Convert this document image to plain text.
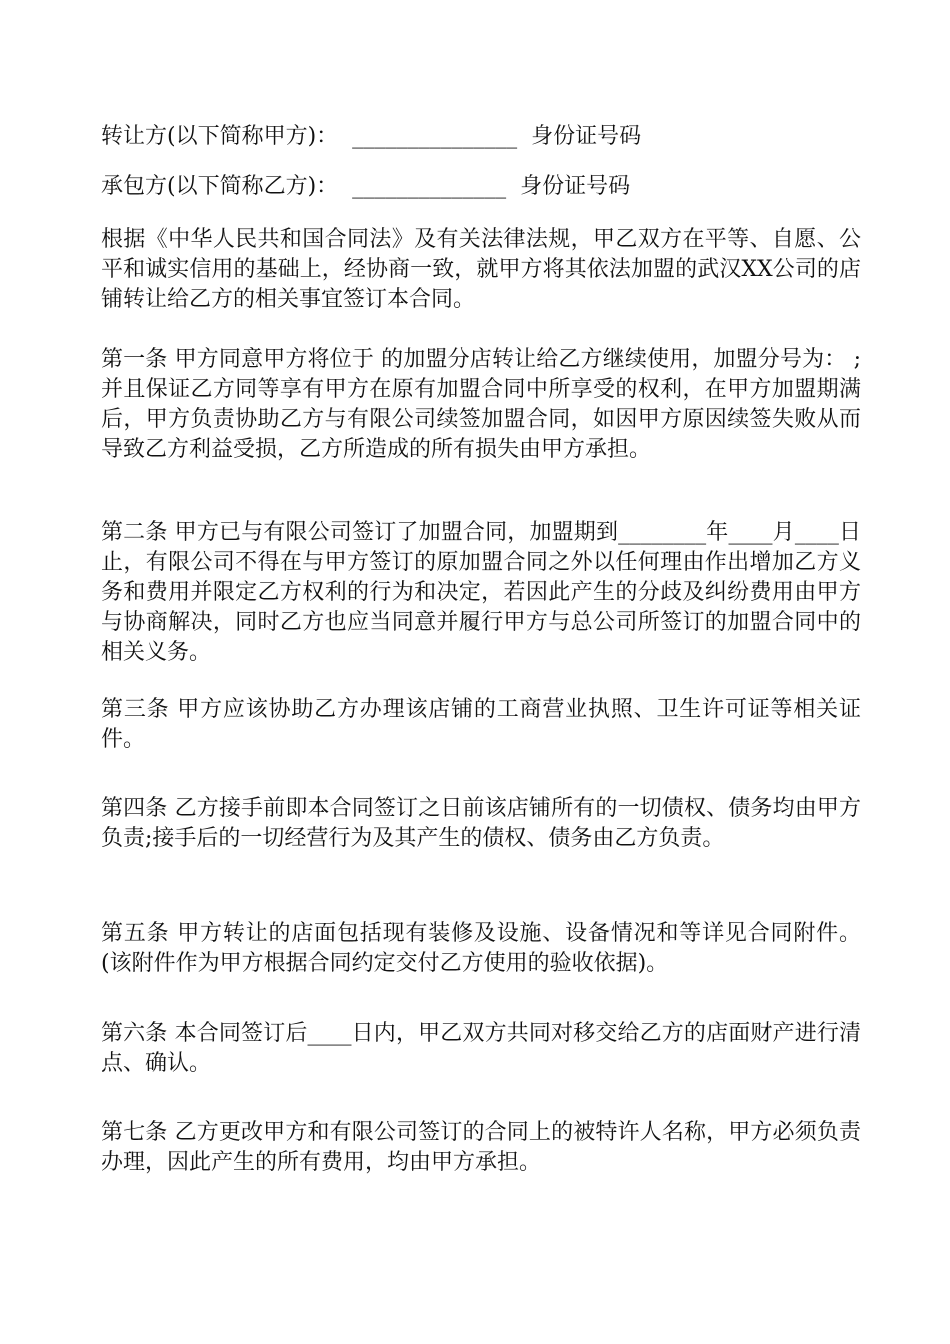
转让方(以下简称甲方)：  _______________  身份证号码
承包方(以下简称乙方)：  ______________  身份证号码
根据《中华人民共和国合同法》及有关法律法规，甲乙双方在平等、自愿、公平和诚实信用的基础上，经协商一致，就甲方将其依法加盟的武汉XX公司的店铺转让给乙方的相关事宜签订本合同。
第一条 甲方同意甲方将位于 的加盟分店转让给乙方继续使用，加盟分号为： ;并且保证乙方同等享有甲方在原有加盟合同中所享受的权利，在甲方加盟期满后，甲方负责协助乙方与有限公司续签加盟合同，如因甲方原因续签失败从而导致乙方利益受损，乙方所造成的所有损失由甲方承担。
第二条 甲方已与有限公司签订了加盟合同，加盟期到________年____月____日止，有限公司不得在与甲方签订的原加盟合同之外以任何理由作出增加乙方义务和费用并限定乙方权利的行为和决定，若因此产生的分歧及纠纷费用由甲方与协商解决，同时乙方也应当同意并履行甲方与总公司所签订的加盟合同中的相关义务。
第三条 甲方应该协助乙方办理该店铺的工商营业执照、卫生许可证等相关证件。
第四条 乙方接手前即本合同签订之日前该店铺所有的一切债权、债务均由甲方负责;接手后的一切经营行为及其产生的债权、债务由乙方负责。
第五条 甲方转让的店面包括现有装修及设施、设备情况和等详见合同附件。(该附件作为甲方根据合同约定交付乙方使用的验收依据)。
第六条 本合同签订后____日内，甲乙双方共同对移交给乙方的店面财产进行清点、确认。
第七条 乙方更改甲方和有限公司签订的合同上的被特许人名称，甲方必须负责办理，因此产生的所有费用，均由甲方承担。
